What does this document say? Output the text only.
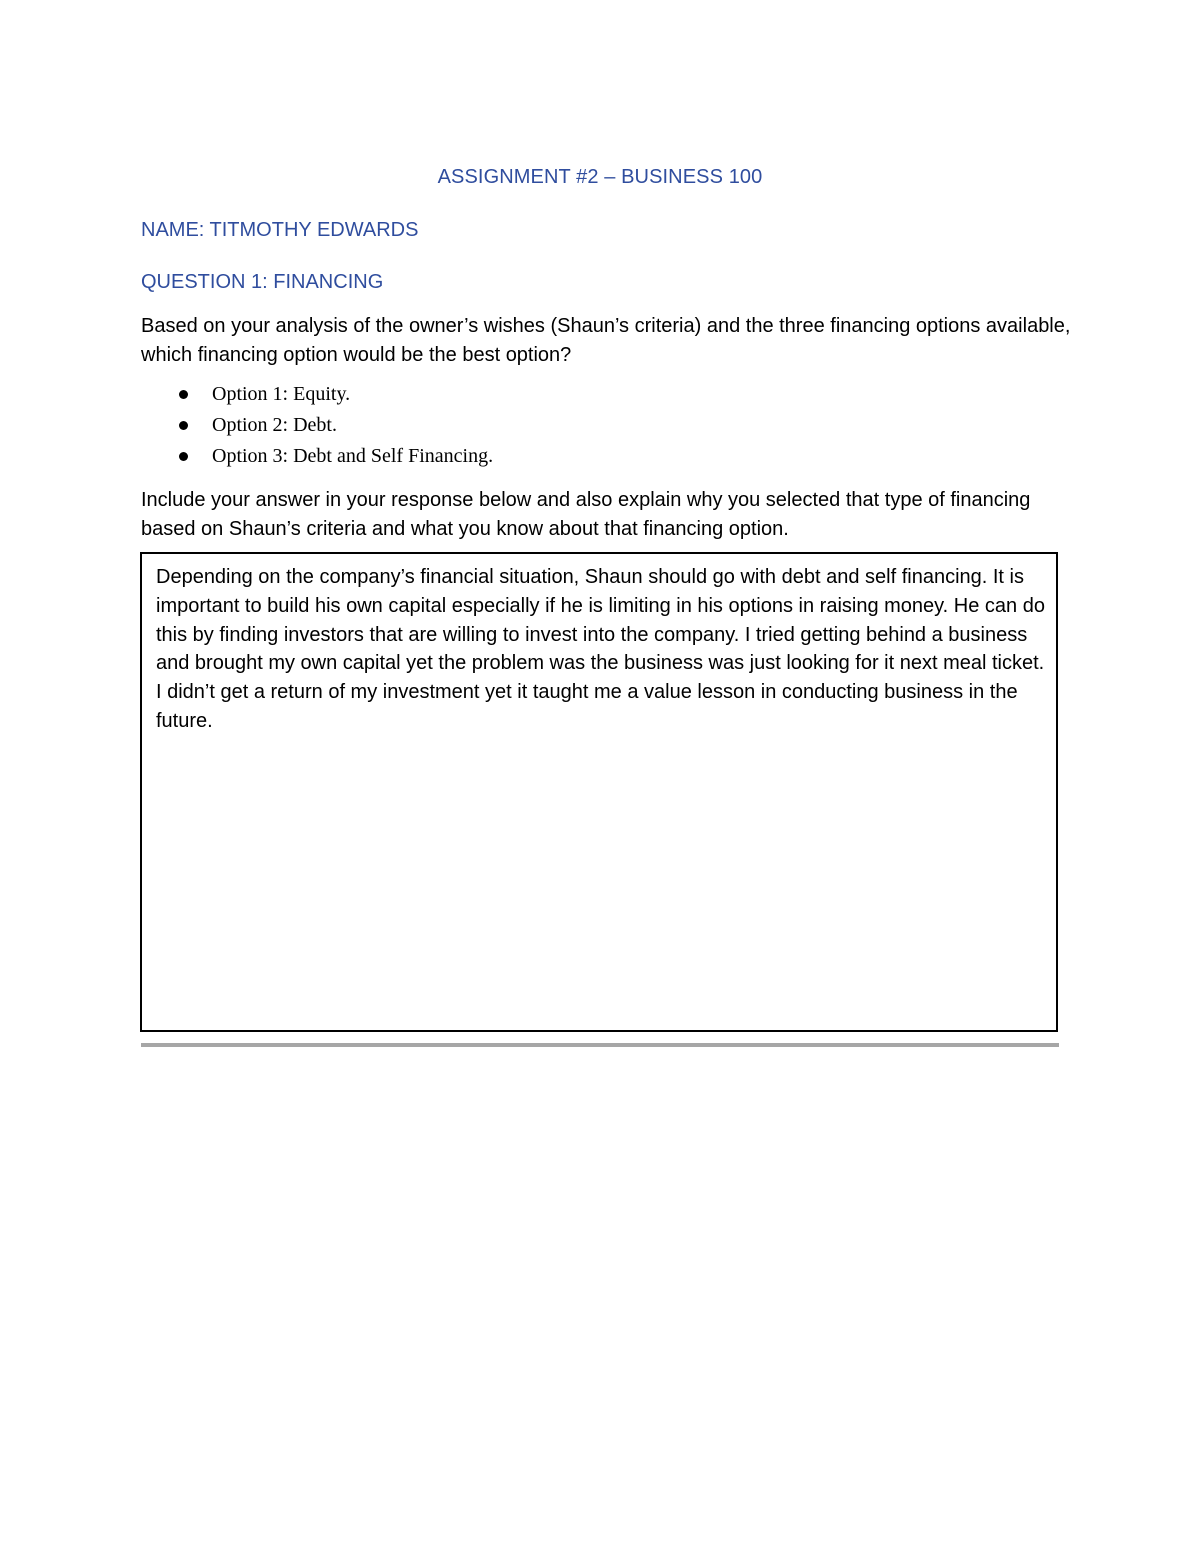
ASSIGNMENT #2 – BUSINESS 100
NAME: TITMOTHY EDWARDS
QUESTION 1: FINANCING
Based on your analysis of the owner’s wishes (Shaun’s criteria) and the three financing options available, which financing option would be the best option?
Option 1: Equity.
Option 2: Debt.
Option 3: Debt and Self Financing.
Include your answer in your response below and also explain why you selected that type of financing based on Shaun’s criteria and what you know about that financing option.
Depending on the company’s financial situation, Shaun should go with debt and self financing. It is important to build his own capital especially if he is limiting in his options in raising money. He can do this by finding investors that are willing to invest into the company. I tried getting behind a business and brought my own capital yet the problem was the business was just looking for it next meal ticket. I didn’t get a return of my investment yet it taught me a value lesson in conducting business in the future.
